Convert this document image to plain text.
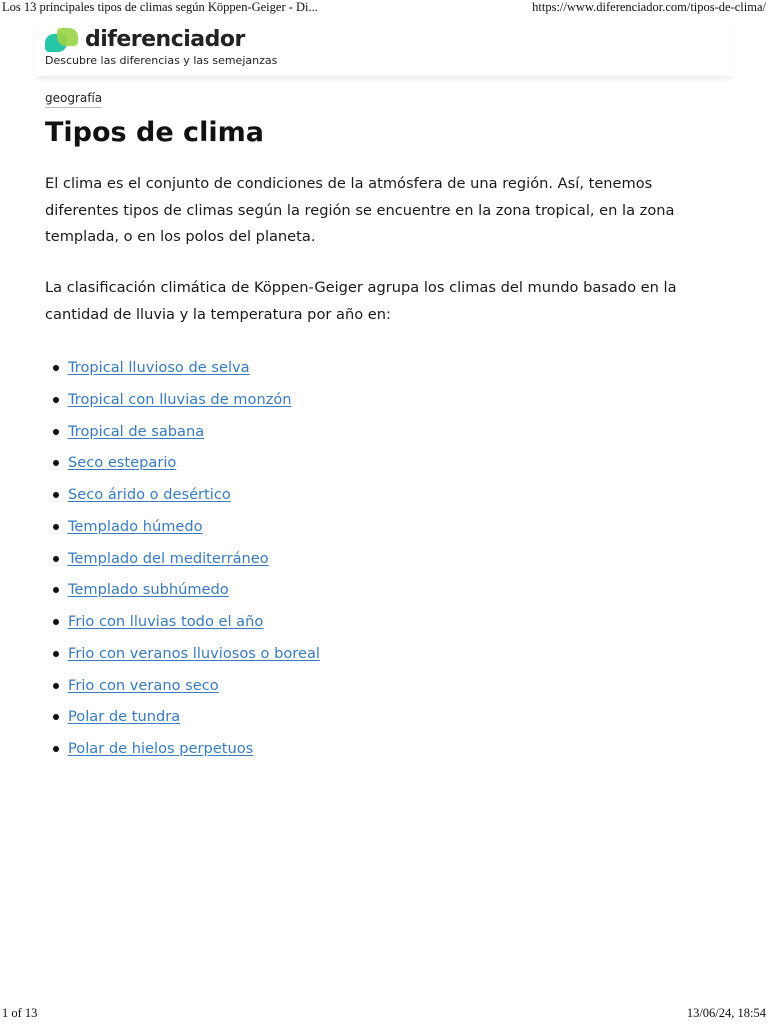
Los 13 principales tipos de climas según Köppen-Geiger - Di...	https://www.diferenciador.com/tipos-de-clima/
diferenciador
Descubre las diferencias y las semejanzas
geografía
Tipos de clima

El clima es el conjunto de condiciones de la atmósfera de una región. Así, tenemos diferentes tipos de climas según la región se encuentre en la zona tropical, en la zona templada, o en los polos del planeta.

La clasificación climática de Köppen-Geiger agrupa los climas del mundo basado en la cantidad de lluvia y la temperatura por año en:

Tropical lluvioso de selva
Tropical con lluvias de monzón
Tropical de sabana
Seco estepario
Seco árido o desértico
Templado húmedo
Templado del mediterráneo
Templado subhúmedo
Frio con lluvias todo el año
Frio con veranos lluviosos o boreal
Frio con verano seco
Polar de tundra
Polar de hielos perpetuos
1 of 13	13/06/24, 18:54
